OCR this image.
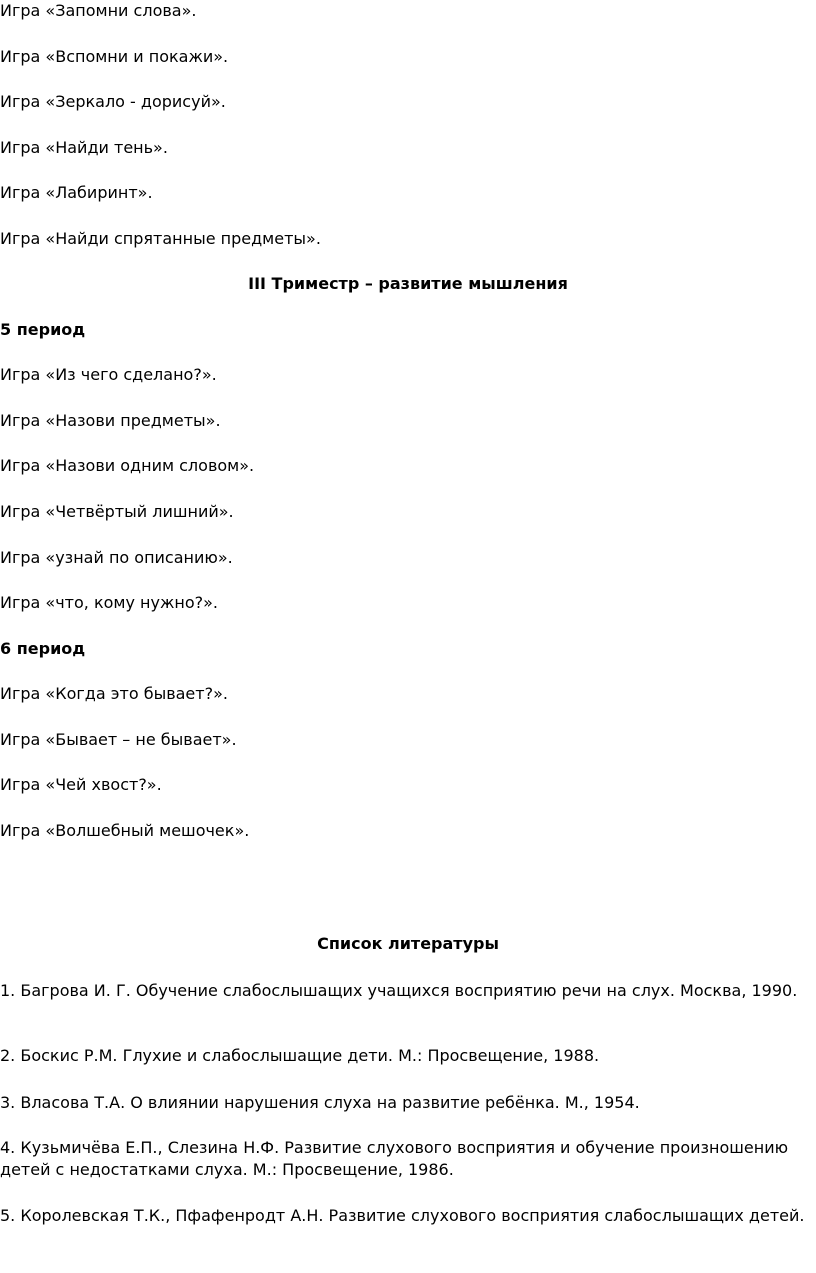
Игра «Запомни слова».

Игра «Вспомни и покажи».

Игра «Зеркало - дорисуй».

Игра «Найди тень».

Игра «Лабиринт».

Игра «Найди спрятанные предметы».

III Триместр – развитие мышления

5 период

Игра «Из чего сделано?».

Игра «Назови предметы».

Игра «Назови одним словом».

Игра «Четвёртый лишний».

Игра «узнай по описанию».

Игра «что, кому нужно?».

6 период

Игра «Когда это бывает?».

Игра «Бывает – не бывает».

Игра «Чей хвост?».

Игра «Волшебный мешочек».

Список литературы

1. Багрова И. Г. Обучение слабослышащих учащихся восприятию речи на слух. Москва, 1990.

2. Боскис Р.М. Глухие и слабослышащие дети. М.: Просвещение, 1988.

3. Власова Т.А. О влиянии нарушения слуха на развитие ребёнка. М., 1954.

4. Кузьмичёва Е.П., Слезина Н.Ф. Развитие слухового восприятия и обучение произношению детей с недостатками слуха. М.: Просвещение, 1986.

5. Королевская Т.К., Пфафенродт А.Н. Развитие слухового восприятия слабослышащих детей.
